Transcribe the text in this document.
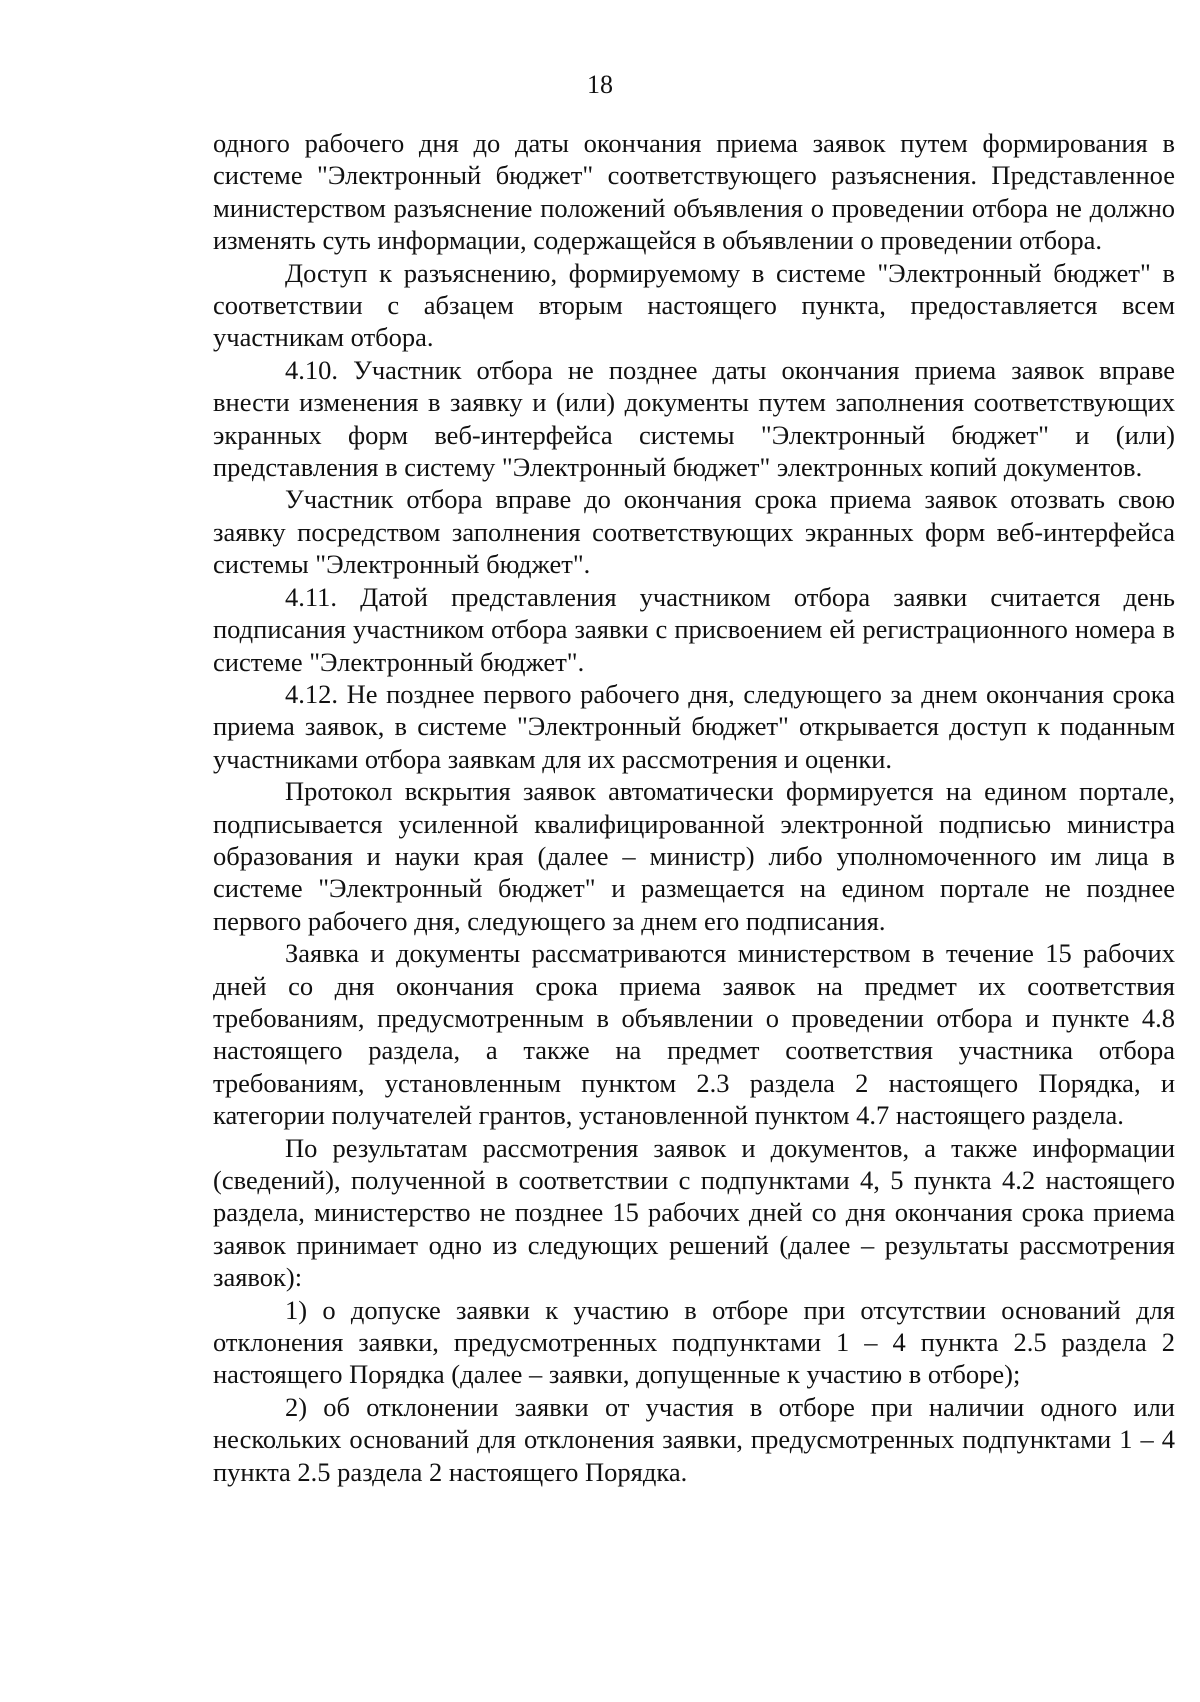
18

одного рабочего дня до даты окончания приема заявок путем формирования в системе "Электронный бюджет" соответствующего разъяснения. Представленное министерством разъяснение положений объявления о проведении отбора не должно изменять суть информации, содержащейся в объявлении о проведении отбора.

Доступ к разъяснению, формируемому в системе "Электронный бюджет" в соответствии с абзацем вторым настоящего пункта, предоставляется всем участникам отбора.

4.10. Участник отбора не позднее даты окончания приема заявок вправе внести изменения в заявку и (или) документы путем заполнения соответствующих экранных форм веб-интерфейса системы "Электронный бюджет" и (или) представления в систему "Электронный бюджет" электронных копий документов.

Участник отбора вправе до окончания срока приема заявок отозвать свою заявку посредством заполнения соответствующих экранных форм веб-интерфейса системы "Электронный бюджет".

4.11. Датой представления участником отбора заявки считается день подписания участником отбора заявки с присвоением ей регистрационного номера в системе "Электронный бюджет".

4.12. Не позднее первого рабочего дня, следующего за днем окончания срока приема заявок, в системе "Электронный бюджет" открывается доступ к поданным участниками отбора заявкам для их рассмотрения и оценки.

Протокол вскрытия заявок автоматически формируется на едином портале, подписывается усиленной квалифицированной электронной подписью министра образования и науки края (далее – министр) либо уполномоченного им лица в системе "Электронный бюджет" и размещается на едином портале не позднее первого рабочего дня, следующего за днем его подписания.

Заявка и документы рассматриваются министерством в течение 15 рабочих дней со дня окончания срока приема заявок на предмет их соответствия требованиям, предусмотренным в объявлении о проведении отбора и пункте 4.8 настоящего раздела, а также на предмет соответствия участника отбора требованиям, установленным пунктом 2.3 раздела 2 настоящего Порядка, и категории получателей грантов, установленной пунктом 4.7 настоящего раздела.

По результатам рассмотрения заявок и документов, а также информации (сведений), полученной в соответствии с подпунктами 4, 5 пункта 4.2 настоящего раздела, министерство не позднее 15 рабочих дней со дня окончания срока приема заявок принимает одно из следующих решений (далее – результаты рассмотрения заявок):

1) о допуске заявки к участию в отборе при отсутствии оснований для отклонения заявки, предусмотренных подпунктами 1 – 4 пункта 2.5 раздела 2 настоящего Порядка (далее – заявки, допущенные к участию в отборе);

2) об отклонении заявки от участия в отборе при наличии одного или нескольких оснований для отклонения заявки, предусмотренных подпунктами 1 – 4 пункта 2.5 раздела 2 настоящего Порядка.
